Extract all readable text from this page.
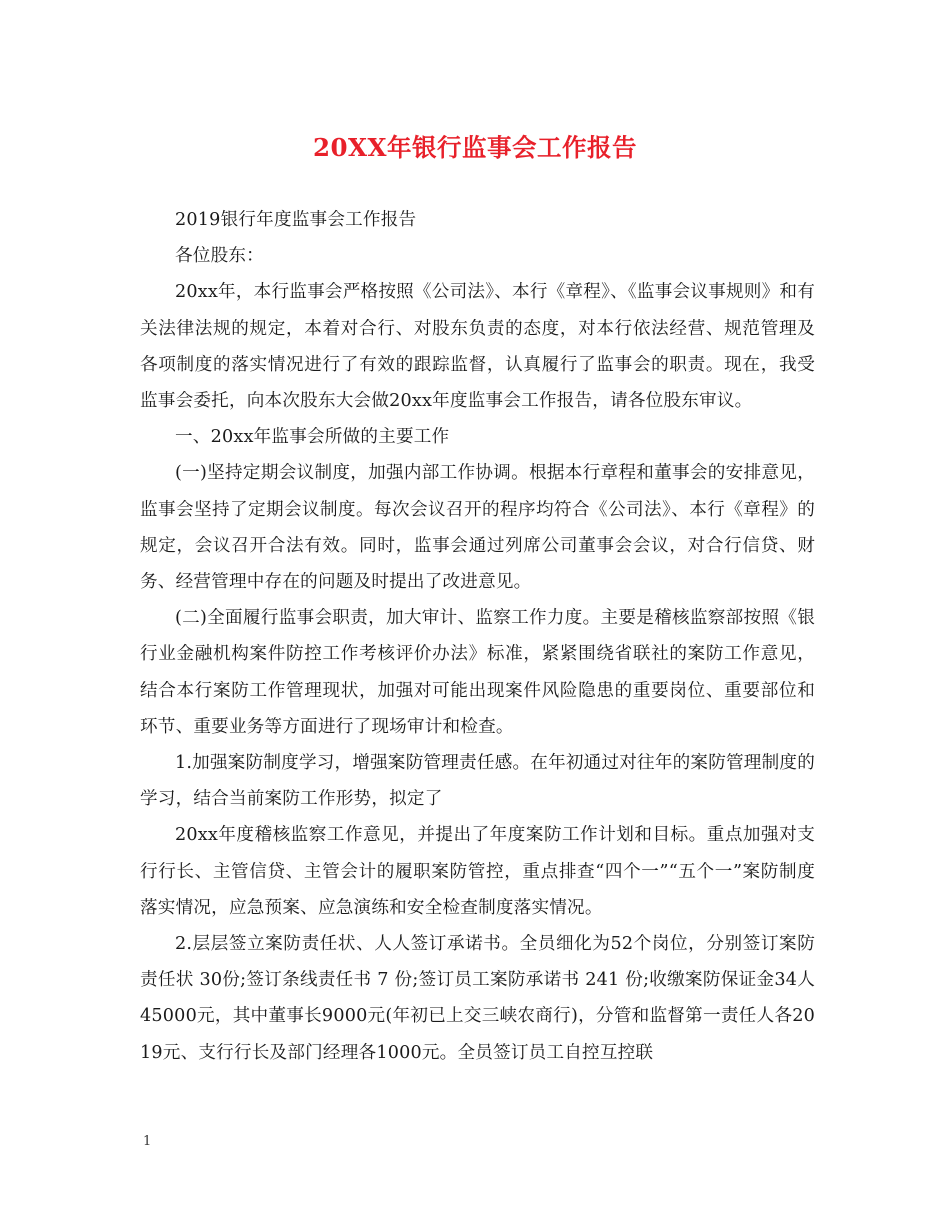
20XX年银行监事会工作报告

2019银行年度监事会工作报告

各位股东：

20xx年，本行监事会严格按照《公司法》、本行《章程》、《监事会议事规则》和有关法律法规的规定，本着对合行、对股东负责的态度，对本行依法经营、规范管理及各项制度的落实情况进行了有效的跟踪监督，认真履行了监事会的职责。现在，我受监事会委托，向本次股东大会做20xx年度监事会工作报告，请各位股东审议。

一、20xx年监事会所做的主要工作

(一)坚持定期会议制度，加强内部工作协调。根据本行章程和董事会的安排意见，监事会坚持了定期会议制度。每次会议召开的程序均符合《公司法》、本行《章程》的规定，会议召开合法有效。同时，监事会通过列席公司董事会会议，对合行信贷、财务、经营管理中存在的问题及时提出了改进意见。

(二)全面履行监事会职责，加大审计、监察工作力度。主要是稽核监察部按照《银行业金融机构案件防控工作考核评价办法》标准，紧紧围绕省联社的案防工作意见，结合本行案防工作管理现状，加强对可能出现案件风险隐患的重要岗位、重要部位和环节、重要业务等方面进行了现场审计和检查。

1.加强案防制度学习，增强案防管理责任感。在年初通过对往年的案防管理制度的学习，结合当前案防工作形势，拟定了

20xx年度稽核监察工作意见，并提出了年度案防工作计划和目标。重点加强对支行行长、主管信贷、主管会计的履职案防管控，重点排查“四个一”“五个一”案防制度落实情况，应急预案、应急演练和安全检查制度落实情况。

2.层层签立案防责任状、人人签订承诺书。全员细化为52个岗位，分别签订案防责任状 30份;签订条线责任书 7 份;签订员工案防承诺书 241 份;收缴案防保证金34人45000元，其中董事长9000元(年初已上交三峡农商行)，分管和监督第一责任人各2019元、支行行长及部门经理各1000元。全员签订员工自控互控联

1
